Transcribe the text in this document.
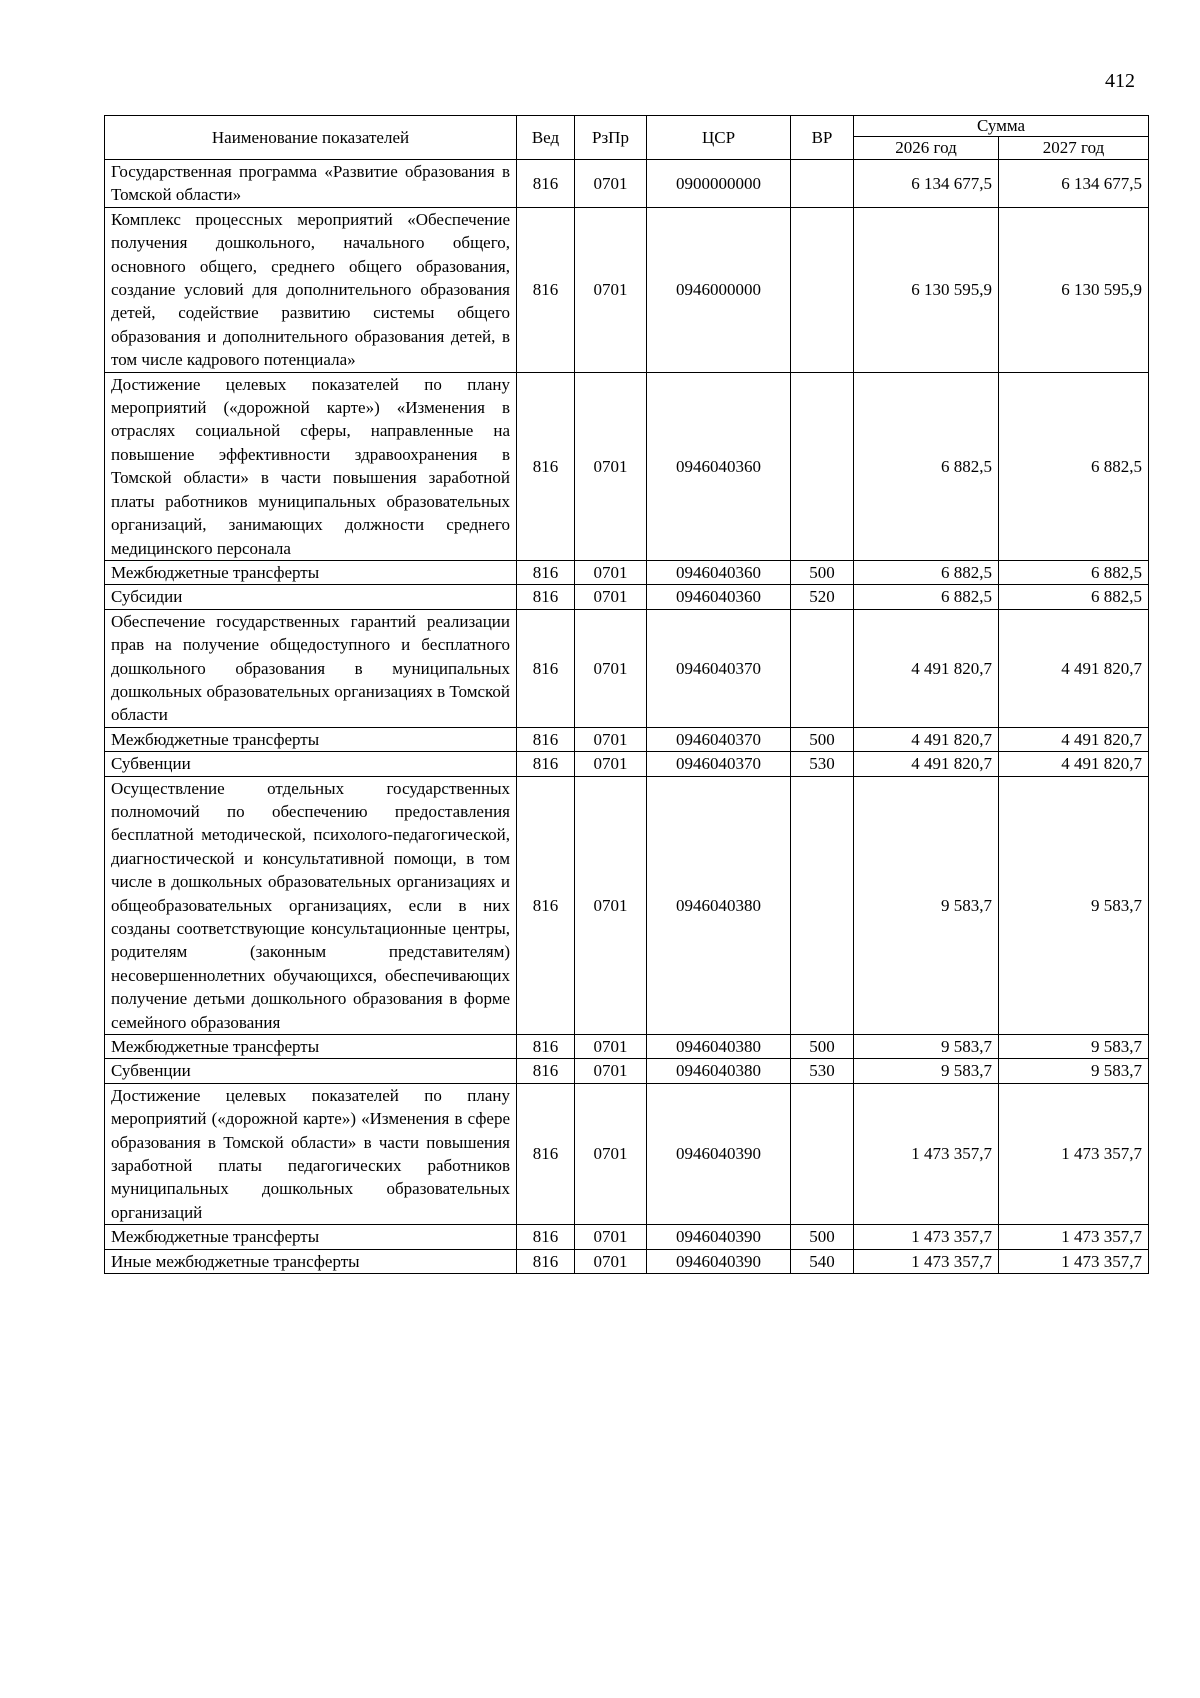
412
Наименование показателей	Вед	РзПр	ЦСР	ВР	Сумма	
					2026 год	2027 год
Государственная программа «Развитие образования в Томской области»	816	0701	0900000000		6 134 677,5	6 134 677,5
Комплекс процессных мероприятий «Обеспечение получения дошкольного, начального общего, основного общего, среднего общего образования, создание условий для дополнительного образования детей, содействие развитию системы общего образования и дополнительного образования детей, в том числе кадрового потенциала»	816	0701	0946000000		6 130 595,9	6 130 595,9
Достижение целевых показателей по плану мероприятий («дорожной карте») «Изменения в отраслях социальной сферы, направленные на повышение эффективности здравоохранения в Томской области» в части повышения заработной платы работников муниципальных образовательных организаций, занимающих должности среднего медицинского персонала	816	0701	0946040360		6 882,5	6 882,5
Межбюджетные трансферты	816	0701	0946040360	500	6 882,5	6 882,5
Субсидии	816	0701	0946040360	520	6 882,5	6 882,5
Обеспечение государственных гарантий реализации прав на получение общедоступного и бесплатного дошкольного образования в муниципальных дошкольных образовательных организациях в Томской области	816	0701	0946040370		4 491 820,7	4 491 820,7
Межбюджетные трансферты	816	0701	0946040370	500	4 491 820,7	4 491 820,7
Субвенции	816	0701	0946040370	530	4 491 820,7	4 491 820,7
Осуществление отдельных государственных полномочий по обеспечению предоставления бесплатной методической, психолого-педагогической, диагностической и консультативной помощи, в том числе в дошкольных образовательных организациях и общеобразовательных организациях, если в них созданы соответствующие консультационные центры, родителям (законным представителям) несовершеннолетних обучающихся, обеспечивающих получение детьми дошкольного образования в форме семейного образования	816	0701	0946040380		9 583,7	9 583,7
Межбюджетные трансферты	816	0701	0946040380	500	9 583,7	9 583,7
Субвенции	816	0701	0946040380	530	9 583,7	9 583,7
Достижение целевых показателей по плану мероприятий («дорожной карте») «Изменения в сфере образования в Томской области» в части повышения заработной платы педагогических работников муниципальных дошкольных образовательных организаций	816	0701	0946040390		1 473 357,7	1 473 357,7
Межбюджетные трансферты	816	0701	0946040390	500	1 473 357,7	1 473 357,7
Иные межбюджетные трансферты	816	0701	0946040390	540	1 473 357,7	1 473 357,7
